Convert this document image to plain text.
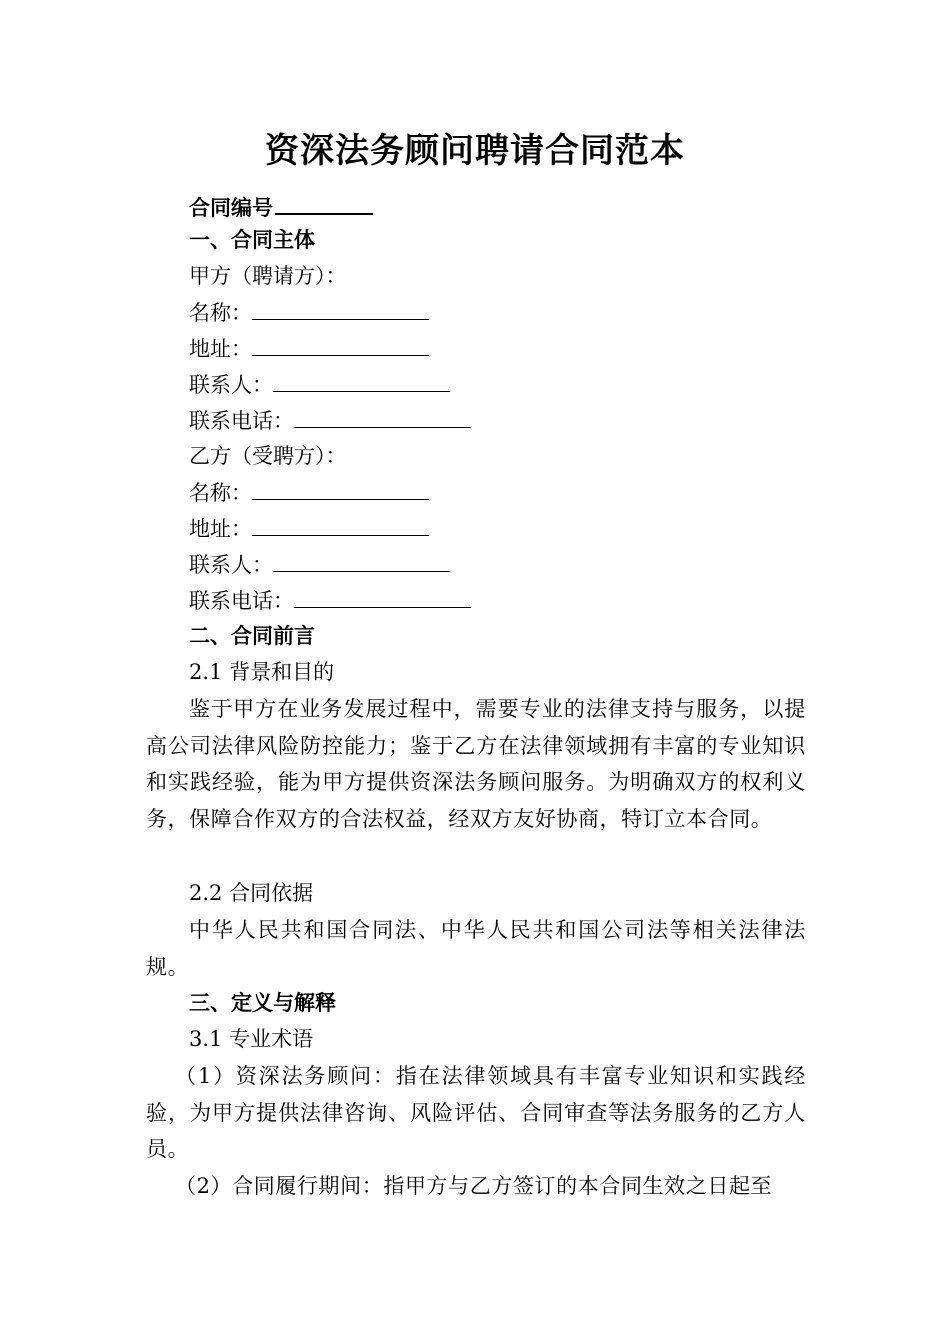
资深法务顾问聘请合同范本
合同编号
一、合同主体
甲方（聘请方）：
名称：
地址：
联系人：
联系电话：
乙方（受聘方）：
名称：
地址：
联系人：
联系电话：
二、合同前言
2.1 背景和目的
鉴于甲方在业务发展过程中，需要专业的法律支持与服务，以提高公司法律风险防控能力；鉴于乙方在法律领域拥有丰富的专业知识和实践经验，能为甲方提供资深法务顾问服务。为明确双方的权利义务，保障合作双方的合法权益，经双方友好协商，特订立本合同。
2.2 合同依据
中华人民共和国合同法、中华人民共和国公司法等相关法律法规。
三、定义与解释
3.1 专业术语
（1）资深法务顾问：指在法律领域具有丰富专业知识和实践经验，为甲方提供法律咨询、风险评估、合同审查等法务服务的乙方人员。
（2）合同履行期间：指甲方与乙方签订的本合同生效之日起至
